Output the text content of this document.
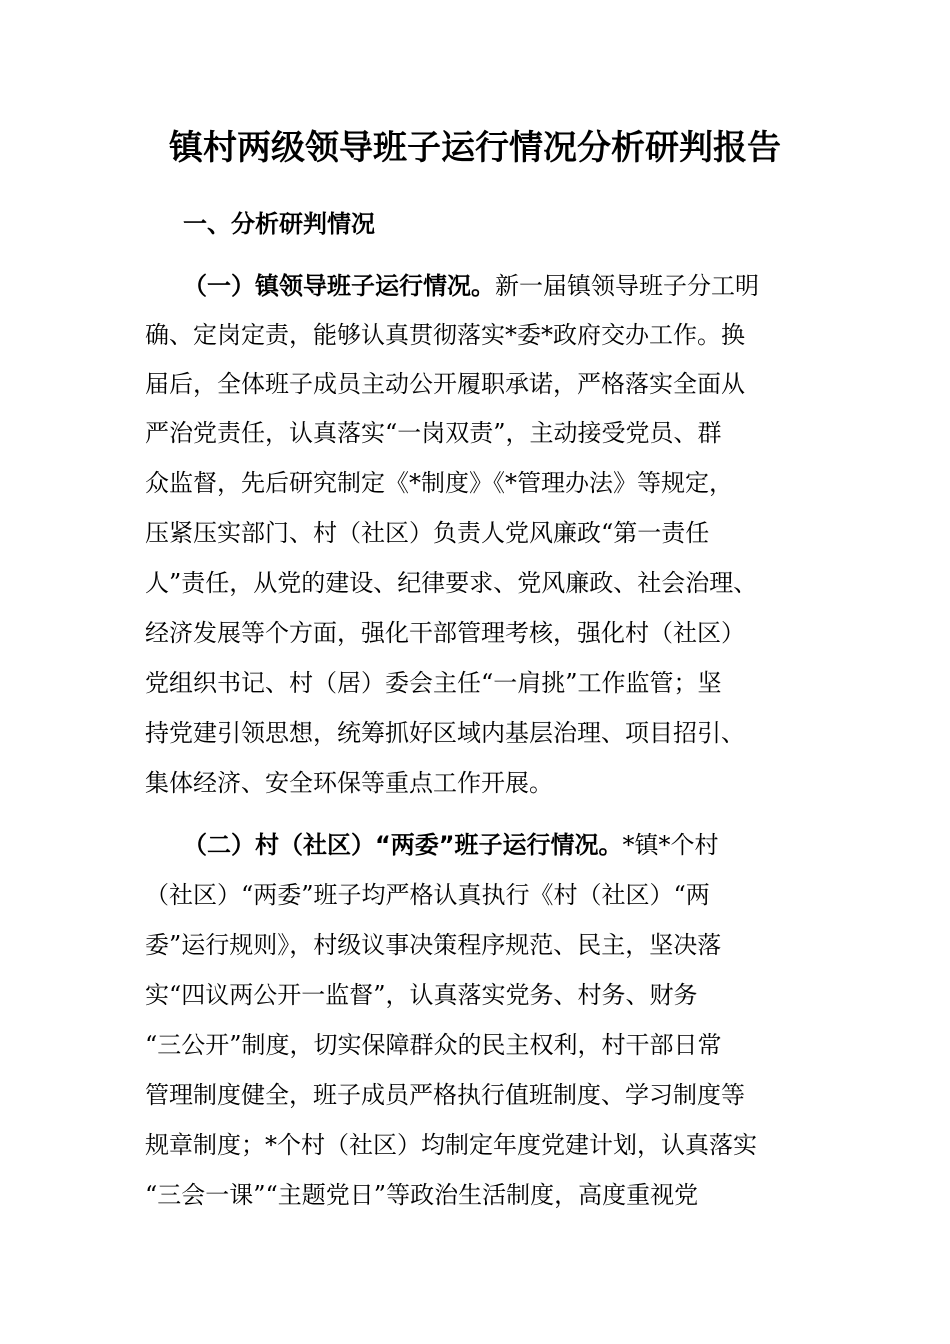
镇村两级领导班子运行情况分析研判报告
一、分析研判情况
（一）镇领导班子运行情况。新一届镇领导班子分工明
确、定岗定责，能够认真贯彻落实*委*政府交办工作。换
届后，全体班子成员主动公开履职承诺，严格落实全面从
严治党责任，认真落实“一岗双责”，主动接受党员、群
众监督，先后研究制定《*制度》《*管理办法》等规定，
压紧压实部门、村（社区）负责人党风廉政“第一责任
人”责任，从党的建设、纪律要求、党风廉政、社会治理、
经济发展等个方面，强化干部管理考核，强化村（社区）
党组织书记、村（居）委会主任“一肩挑”工作监管；坚
持党建引领思想，统筹抓好区域内基层治理、项目招引、
集体经济、安全环保等重点工作开展。
（二）村（社区）“两委”班子运行情况。*镇*个村
（社区）“两委”班子均严格认真执行《村（社区）“两
委”运行规则》，村级议事决策程序规范、民主，坚决落
实“四议两公开一监督”，认真落实党务、村务、财务
“三公开”制度，切实保障群众的民主权利，村干部日常
管理制度健全，班子成员严格执行值班制度、学习制度等
规章制度；*个村（社区）均制定年度党建计划，认真落实
“三会一课”“主题党日”等政治生活制度，高度重视党
